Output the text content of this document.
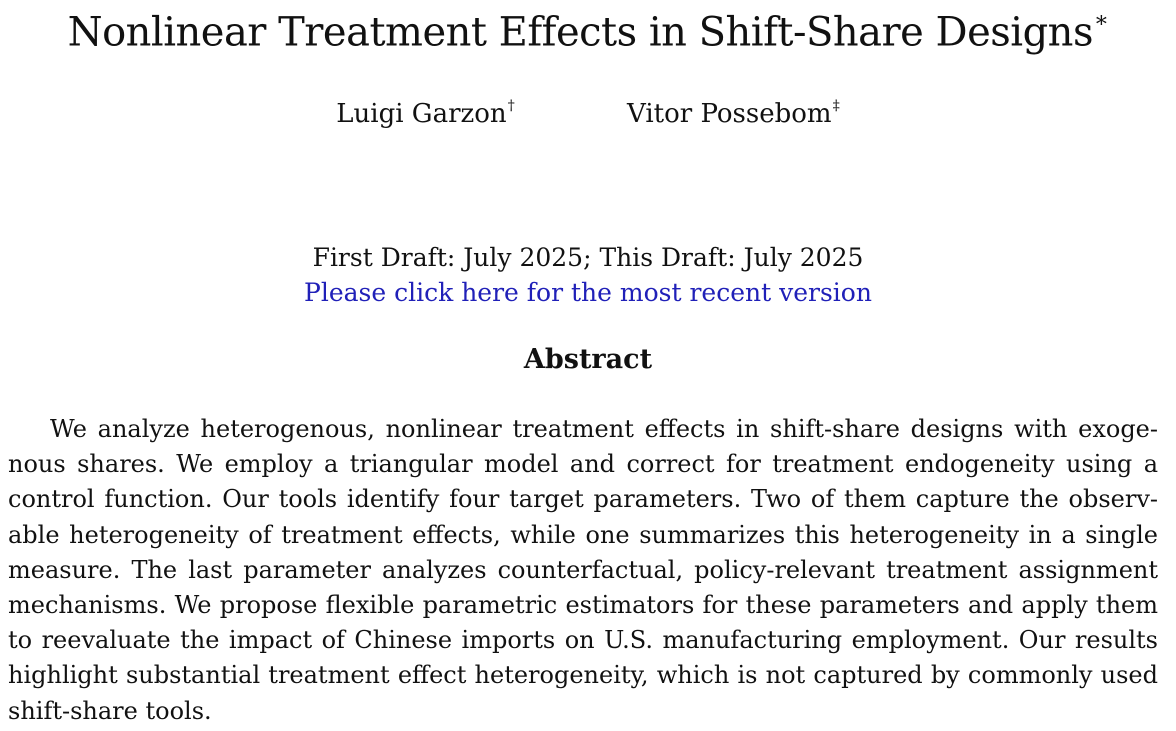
Nonlinear Treatment Effects in Shift-Share Designs∗
Luigi Garzon†	Vitor Possebom‡
First Draft: July 2025; This Draft: July 2025
Please click here for the most recent version
Abstract

We analyze heterogenous, nonlinear treatment effects in shift-share designs with exogenous shares. We employ a triangular model and correct for treatment endogeneity using a control function. Our tools identify four target parameters. Two of them capture the observable heterogeneity of treatment effects, while one summarizes this heterogeneity in a single measure. The last parameter analyzes counterfactual, policy-relevant treatment assignment mechanisms. We propose flexible parametric estimators for these parameters and apply them to reevaluate the impact of Chinese imports on U.S. manufacturing employment. Our results highlight substantial treatment effect heterogeneity, which is not captured by commonly used shift-share tools.
